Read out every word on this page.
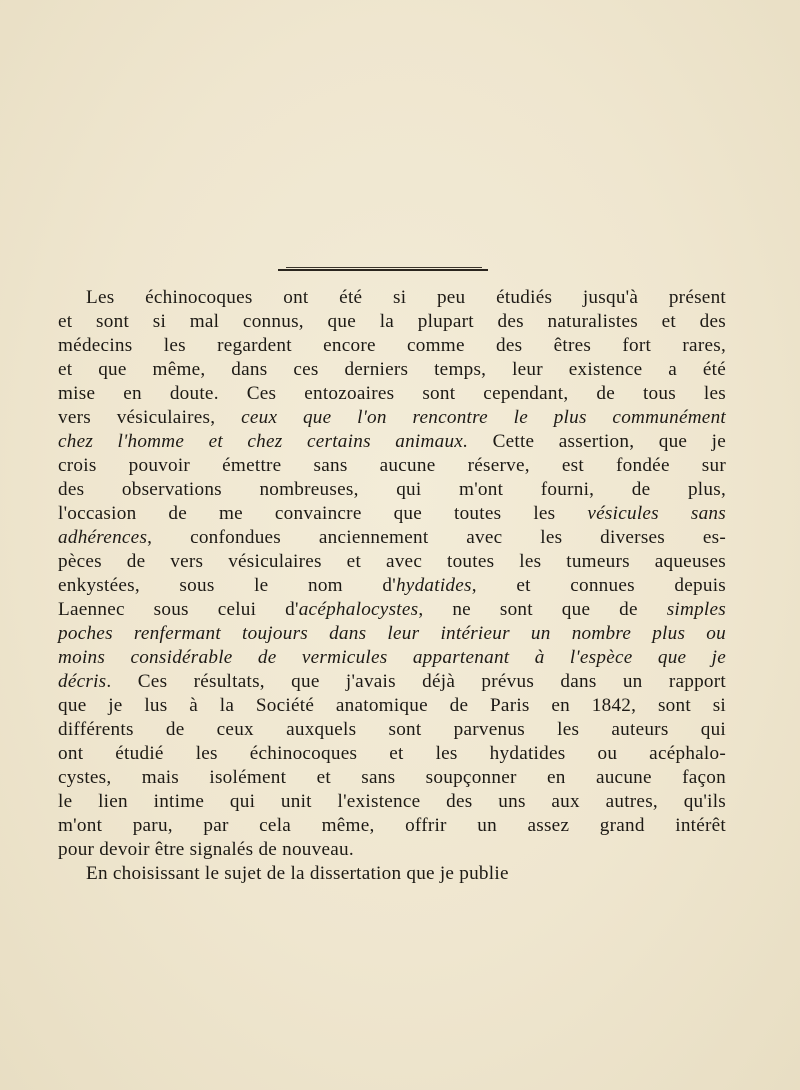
Les échinocoques ont été si peu étudiés jusqu'à présent
et sont si mal connus, que la plupart des naturalistes et des
médecins les regardent encore comme des êtres fort rares,
et que même, dans ces derniers temps, leur existence a été
mise en doute. Ces entozoaires sont cependant, de tous les
vers vésiculaires, ceux que l'on rencontre le plus communément
chez l'homme et chez certains animaux. Cette assertion, que je
crois pouvoir émettre sans aucune réserve, est fondée sur
des observations nombreuses, qui m'ont fourni, de plus,
l'occasion de me convaincre que toutes les vésicules sans
adhérences, confondues anciennement avec les diverses es-
pèces de vers vésiculaires et avec toutes les tumeurs aqueuses
enkystées, sous le nom d'hydatides, et connues depuis
Laennec sous celui d'acéphalocystes, ne sont que de simples
poches renfermant toujours dans leur intérieur un nombre plus ou
moins considérable de vermicules appartenant à l'espèce que je
décris. Ces résultats, que j'avais déjà prévus dans un rapport
que je lus à la Société anatomique de Paris en 1842, sont si
différents de ceux auxquels sont parvenus les auteurs qui
ont étudié les échinocoques et les hydatides ou acéphalo-
cystes, mais isolément et sans soupçonner en aucune façon
le lien intime qui unit l'existence des uns aux autres, qu'ils
m'ont paru, par cela même, offrir un assez grand intérêt
pour devoir être signalés de nouveau.
En choisissant le sujet de la dissertation que je publie
